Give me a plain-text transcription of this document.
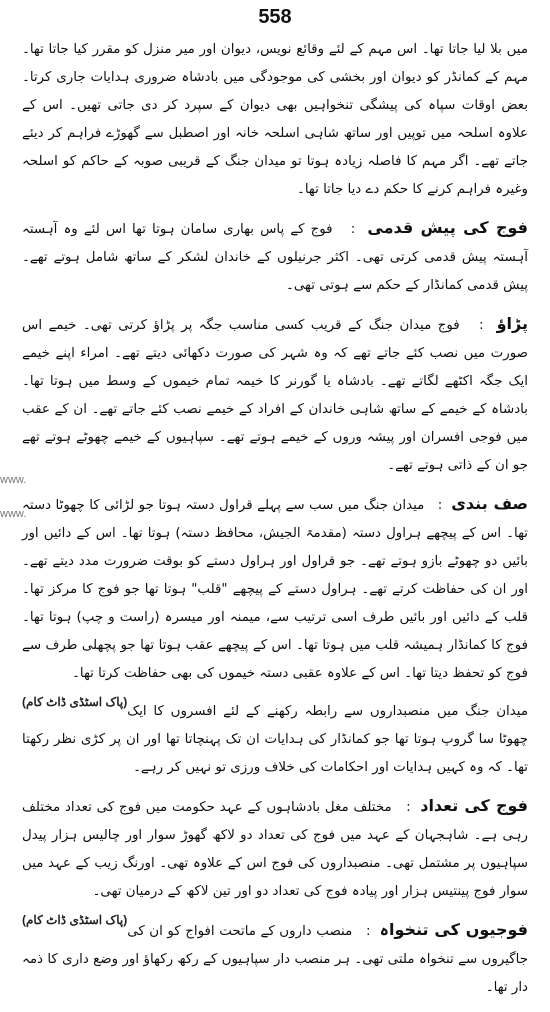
558

میں بلا لیا جاتا تھا۔ اس مہم کے لئے وقائع نویس، دیوان اور میر منزل کو مقرر کیا جاتا تھا۔ مہم کے کمانڈر کو دیوان اور بخشی کی موجودگی میں بادشاہ ضروری ہدایات جاری کرتا۔ بعض اوقات سپاہ کی پیشگی تنخواہیں بھی دیوان کے سپرد کر دی جاتی تھیں۔ اس کے علاوہ اسلحہ میں توپیں اور ساتھ شاہی اسلحہ خانہ اور اصطبل سے گھوڑے فراہم کر دیئے جاتے تھے۔ اگر مہم کا فاصلہ زیادہ ہوتا تو میدان جنگ کے قریبی صوبہ کے حاکم کو اسلحہ وغیرہ فراہم کرنے کا حکم دے دیا جاتا تھا۔

فوج کی پیش قدمی  :   فوج کے پاس بھاری سامان ہوتا تھا اس لئے وہ آہستہ آہستہ پیش قدمی کرتی تھی۔ اکثر جرنیلوں کے خاندان لشکر کے ساتھ شامل ہوتے تھے۔ پیش قدمی کمانڈار کے حکم سے ہوتی تھی۔

پڑاؤ  :   فوج میدان جنگ کے قریب کسی مناسب جگہ پر پڑاؤ کرتی تھی۔ خیمے اس صورت میں نصب کئے جاتے تھے کہ وہ شہر کی صورت دکھائی دیتے تھے۔ امراء اپنے خیمے ایک جگہ اکٹھے لگاتے تھے۔ بادشاہ یا گورنر کا خیمہ تمام خیموں کے وسط میں ہوتا تھا۔ بادشاہ کے خیمے کے ساتھ شاہی خاندان کے افراد کے خیمے نصب کئے جاتے تھے۔ ان کے عقب میں فوجی افسران اور پیشہ وروں کے خیمے ہوتے تھے۔ سپاہیوں کے خیمے چھوٹے ہوتے تھے جو ان کے ذاتی ہوتے تھے۔

صف بندی  :   میدان جنگ میں سب سے پہلے قراول دستہ ہوتا جو لڑائی کا چھوٹا دستہ تھا۔ اس کے پیچھے ہراول دستہ (مقدمۃ الجیش، محافظ دستہ) ہوتا تھا۔ اس کے دائیں اور بائیں دو چھوٹے بازو ہوتے تھے۔ جو قراول اور ہراول دستے کو بوقت ضرورت مدد دیتے تھے۔ اور ان کی حفاظت کرتے تھے۔ ہراول دستے کے پیچھے "قلب" ہوتا تھا جو فوج کا مرکز تھا۔ قلب کے دائیں اور بائیں طرف اسی ترتیب سے، میمنہ اور میسرہ (راست و چپ) ہوتا تھا۔ فوج کا کمانڈار ہمیشہ قلب میں ہوتا تھا۔ اس کے پیچھے عقب ہوتا تھا جو پچھلی طرف سے فوج کو تحفظ دیتا تھا۔ اس کے علاوہ عقبی دستہ خیموں کی بھی حفاظت کرتا تھا۔
(پاک اسٹڈی ڈاٹ کام)

میدان جنگ میں منصبداروں سے رابطہ رکھنے کے لئے افسروں کا ایک چھوٹا سا گروپ ہوتا تھا جو کمانڈار کی ہدایات ان تک پہنچاتا تھا اور ان پر کڑی نظر رکھتا تھا۔ کہ وہ کہیں ہدایات اور احکامات کی خلاف ورزی تو نہیں کر رہے۔

فوج کی تعداد  :   مختلف مغل بادشاہوں کے عہد حکومت میں فوج کی تعداد مختلف رہی ہے۔ شاہجہان کے عہد میں فوج کی تعداد دو لاکھ گھوڑ سوار اور چالیس ہزار پیدل سپاہیوں پر مشتمل تھی۔ منصبداروں کی فوج اس کے علاوہ تھی۔ اورنگ زیب کے عہد میں سوار فوج پینتیس ہزار اور پیادہ فوج کی تعداد دو اور تین لاکھ کے درمیان تھی۔
(پاک اسٹڈی ڈاٹ کام)	فوجیوں کی تنخواہ  :   منصب داروں کے ماتحت افواج کو ان کی جاگیروں سے تنخواہ ملتی تھی۔ ہر منصب دار سپاہیوں کے رکھ رکھاؤ اور وضع داری کا ذمہ دار تھا۔

www.
www.
